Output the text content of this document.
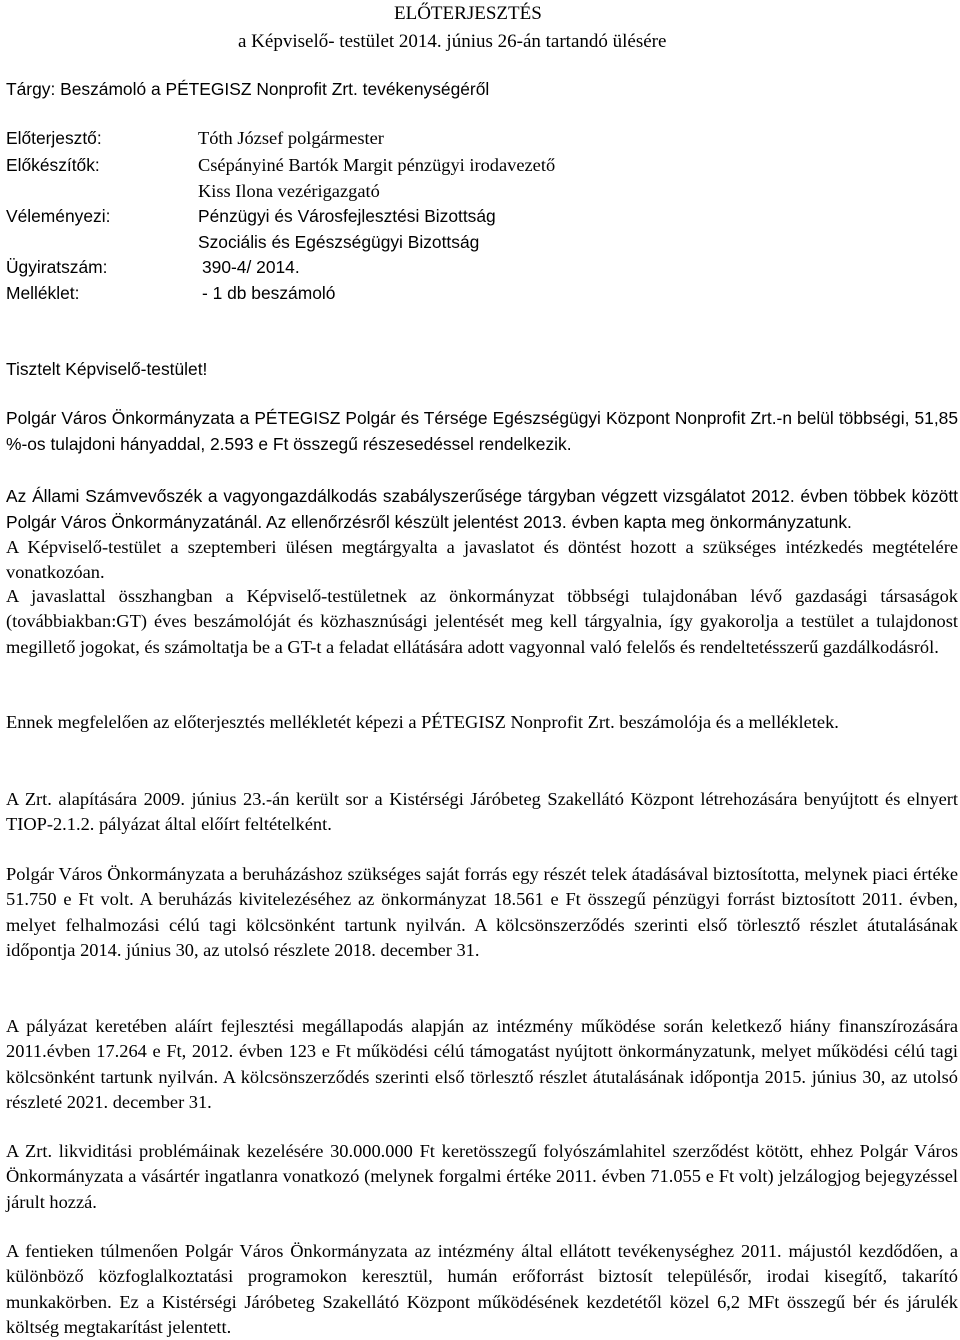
ELŐTERJESZTÉS
a Képviselő- testület 2014. június 26-án tartandó ülésére
Tárgy: Beszámoló a PÉTEGISZ Nonprofit Zrt. tevékenységéről
Előterjesztő:	Tóth József polgármester
Előkészítők:	Csépányiné Bartók Margit pénzügyi irodavezető
Kiss Ilona vezérigazgató
Véleményezi:	Pénzügyi és Városfejlesztési Bizottság
Szociális és Egészségügyi Bizottság
Ügyiratszám:	390-4/ 2014.
Melléklet:	- 1 db beszámoló
Tisztelt Képviselő-testület!

Polgár Város Önkormányzata a PÉTEGISZ Polgár és Térsége Egészségügyi Központ Nonprofit Zrt.-n belül többségi, 51,85 %-os tulajdoni hányaddal, 2.593 e Ft összegű részesedéssel rendelkezik.

Az Állami Számvevőszék a vagyongazdálkodás szabályszerűsége tárgyban végzett vizsgálatot 2012. évben többek között Polgár Város Önkormányzatánál. Az ellenőrzésről készült jelentést 2013. évben kapta meg önkormányzatunk.

A Képviselő-testület a szeptemberi ülésen megtárgyalta a javaslatot és döntést hozott a szükséges intézkedés megtételére vonatkozóan.

A javaslattal összhangban a Képviselő-testületnek az önkormányzat többségi tulajdonában lévő gazdasági társaságok (továbbiakban:GT) éves beszámolóját és közhasznúsági jelentését meg kell tárgyalnia, így gyakorolja a testület a tulajdonost megillető jogokat, és számoltatja be a GT-t a feladat ellátására adott vagyonnal való felelős és rendeltetésszerű gazdálkodásról.

Ennek megfelelően az előterjesztés mellékletét képezi a PÉTEGISZ Nonprofit Zrt. beszámolója és a mellékletek.

A Zrt. alapítására 2009. június 23.-án került sor a Kistérségi Járóbeteg Szakellátó Központ létrehozására benyújtott és elnyert TIOP-2.1.2. pályázat által előírt feltételként.

Polgár Város Önkormányzata a beruházáshoz szükséges saját forrás egy részét telek átadásával biztosította, melynek piaci értéke 51.750 e Ft volt. A beruházás kivitelezéséhez az önkormányzat 18.561 e Ft összegű pénzügyi forrást biztosított 2011. évben, melyet felhalmozási célú tagi kölcsönként tartunk nyilván. A kölcsönszerződés szerinti első törlesztő részlet átutalásának időpontja 2014. június 30, az utolsó részlete 2018. december 31.

A pályázat keretében aláírt fejlesztési megállapodás alapján az intézmény működése során keletkező hiány finanszírozására 2011.évben 17.264 e Ft, 2012. évben 123 e Ft működési célú támogatást nyújtott önkormányzatunk, melyet működési célú tagi kölcsönként tartunk nyilván. A kölcsönszerződés szerinti első törlesztő részlet átutalásának időpontja 2015. június 30, az utolsó részleté 2021. december 31.

A Zrt. likviditási problémáinak kezelésére 30.000.000 Ft keretösszegű folyószámlahitel szerződést kötött, ehhez Polgár Város Önkormányzata a vásártér ingatlanra vonatkozó (melynek forgalmi értéke 2011. évben 71.055 e Ft volt) jelzálogjog bejegyzéssel járult hozzá.

A fentieken túlmenően Polgár Város Önkormányzata az intézmény által ellátott tevékenységhez 2011. májustól kezdődően, a különböző közfoglalkoztatási programokon keresztül, humán erőforrást biztosít településőr, irodai kisegítő, takarító munkakörben. Ez a Kistérségi Járóbeteg Szakellátó Központ működésének kezdetétől közel 6,2 MFt összegű bér és járulék költség megtakarítást jelentett.
